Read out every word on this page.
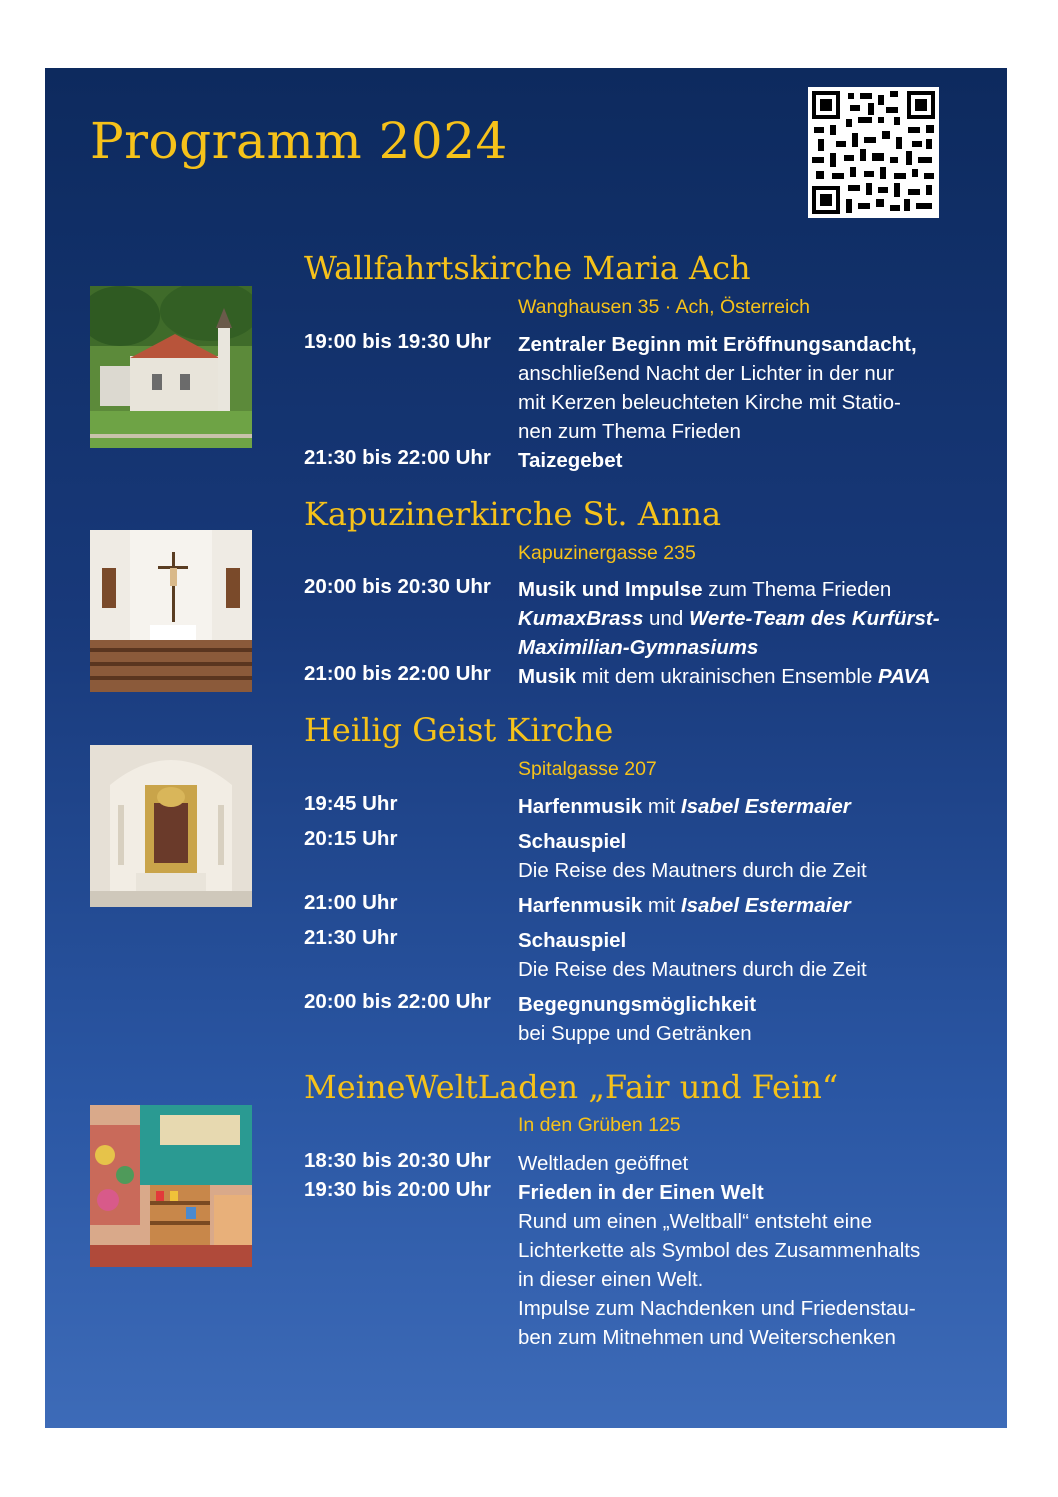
Programm 2024
Wallfahrtskirche Maria Ach
Wanghausen 35 · Ach, Österreich
19:00 bis 19:30 Uhr Zentraler Beginn mit Eröffnungsandacht,
anschließend Nacht der Lichter in der nur
mit Kerzen beleuchteten Kirche mit Statio-
nen zum Thema Frieden
21:30 bis 22:00 Uhr Taizegebet
Kapuzinerkirche St. Anna
Kapuzinergasse 235
20:00 bis 20:30 Uhr Musik und Impulse zum Thema Frieden
KumaxBrass und Werte-Team des Kurfürst-
Maximilian-Gymnasiums
21:00 bis 22:00 Uhr Musik mit dem ukrainischen Ensemble PAVA
Heilig Geist Kirche
Spitalgasse 207
19:45 Uhr	Harfenmusik mit Isabel Estermaier
20:15 Uhr	Schauspiel
Die Reise des Mautners durch die Zeit
21:00 Uhr	Harfenmusik mit Isabel Estermaier
21:30 Uhr	Schauspiel
Die Reise des Mautners durch die Zeit
20:00 bis 22:00 Uhr Begegnungsmöglichkeit
bei Suppe und Getränken
MeineWeltLaden „Fair und Fein“
In den Grüben 125
18:30 bis 20:30 Uhr Weltladen geöffnet
19:30 bis 20:00 Uhr Frieden in der Einen Welt
Rund um einen „Weltball“ entsteht eine
Lichterkette als Symbol des Zusammenhalts
in dieser einen Welt.
Impulse zum Nachdenken und Friedenstau-
ben zum Mitnehmen und Weiterschenken
